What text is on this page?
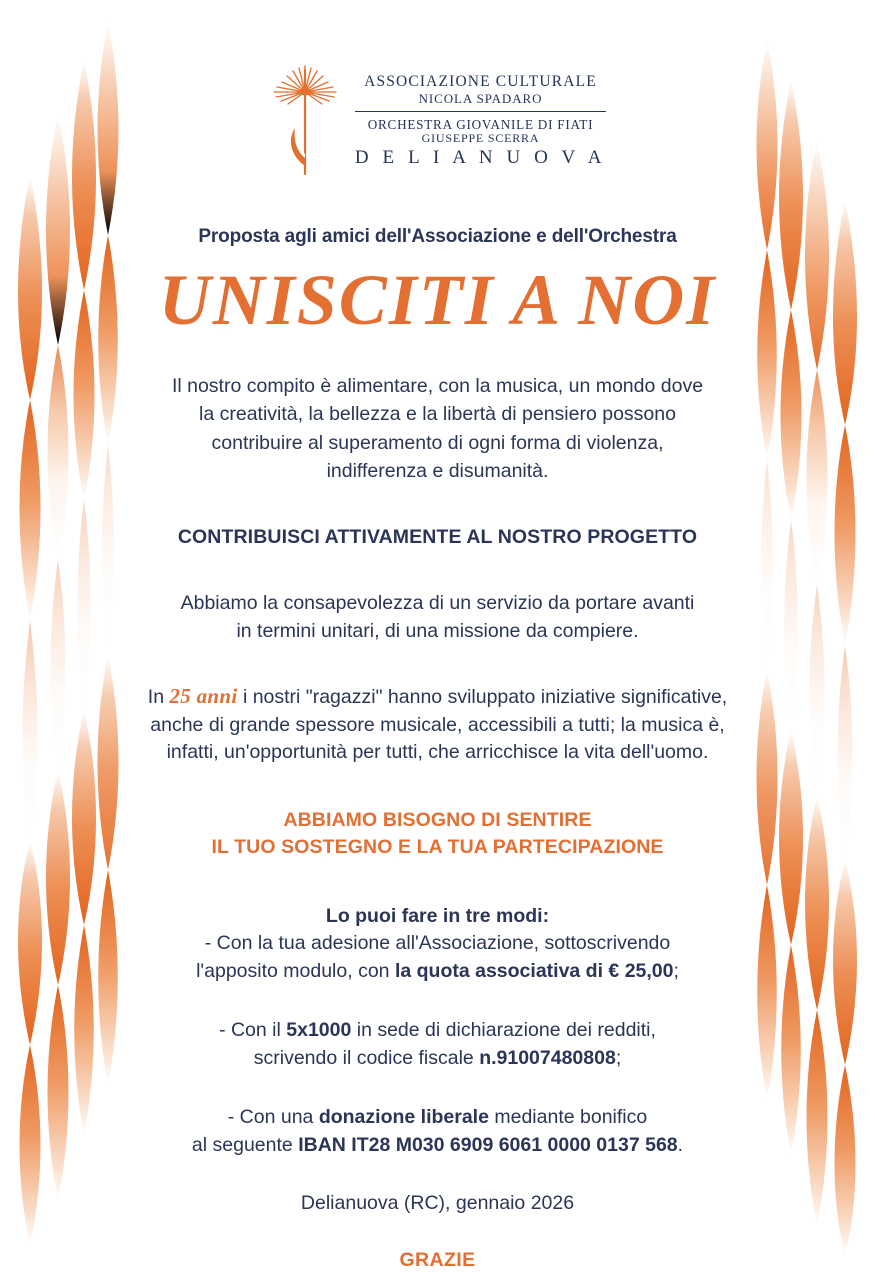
ASSOCIAZIONE CULTURALE
NICOLA SPADARO
ORCHESTRA GIOVANILE DI FIATI
GIUSEPPE SCERRA
D E L I A N U O V A

Proposta agli amici dell'Associazione e dell'Orchestra

UNISCITI A NOI

Il nostro compito è alimentare, con la musica, un mondo dove
la creatività, la bellezza e la libertà di pensiero possono
contribuire al superamento di ogni forma di violenza,
indifferenza e disumanità.

CONTRIBUISCI ATTIVAMENTE AL NOSTRO PROGETTO

Abbiamo la consapevolezza di un servizio da portare avanti
in termini unitari, di una missione da compiere.

In 25 anni i nostri "ragazzi" hanno sviluppato iniziative significative,
anche di grande spessore musicale, accessibili a tutti; la musica è,
infatti, un'opportunità per tutti, che arricchisce la vita dell'uomo.

ABBIAMO BISOGNO DI SENTIRE
IL TUO SOSTEGNO E LA TUA PARTECIPAZIONE

Lo puoi fare in tre modi:

- Con la tua adesione all'Associazione, sottoscrivendo
l'apposito modulo, con la quota associativa di € 25,00;

- Con il 5x1000 in sede di dichiarazione dei redditi,
scrivendo il codice fiscale n.91007480808;

- Con una donazione liberale mediante bonifico
al seguente IBAN IT28 M030 6909 6061 0000 0137 568.

Delianuova (RC), gennaio 2026

GRAZIE
